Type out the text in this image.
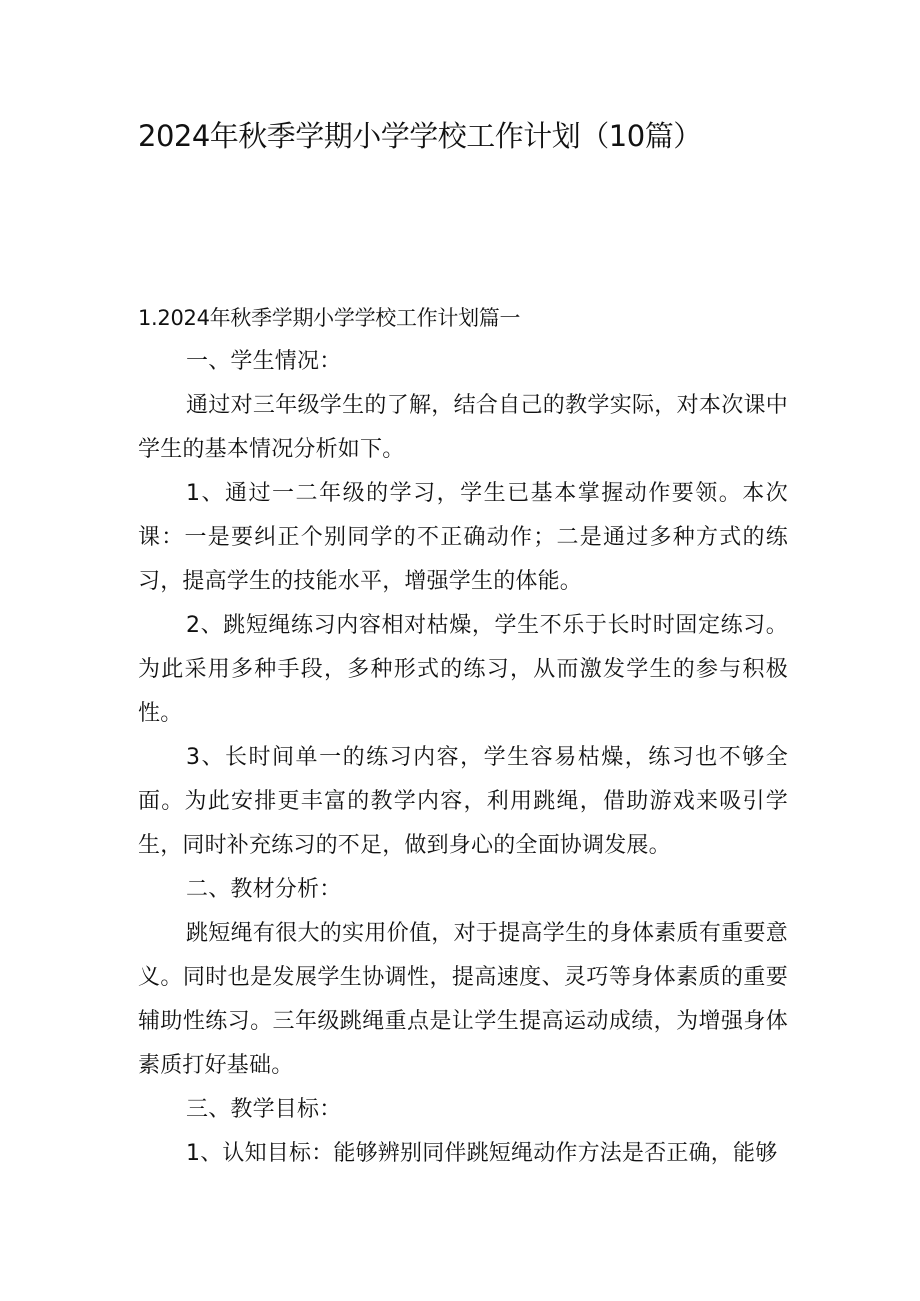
2024年秋季学期小学学校工作计划（10篇）
1.2024年秋季学期小学学校工作计划篇一

一、学生情况：

通过对三年级学生的了解，结合自己的教学实际，对本次课中学生的基本情况分析如下。

1、通过一二年级的学习，学生已基本掌握动作要领。本次课：一是要纠正个别同学的不正确动作；二是通过多种方式的练习，提高学生的技能水平，增强学生的体能。

2、跳短绳练习内容相对枯燥，学生不乐于长时时固定练习。为此采用多种手段，多种形式的练习，从而激发学生的参与积极性。

3、长时间单一的练习内容，学生容易枯燥，练习也不够全面。为此安排更丰富的教学内容，利用跳绳，借助游戏来吸引学生，同时补充练习的不足，做到身心的全面协调发展。

二、教材分析：

跳短绳有很大的实用价值，对于提高学生的身体素质有重要意义。同时也是发展学生协调性，提高速度、灵巧等身体素质的重要辅助性练习。三年级跳绳重点是让学生提高运动成绩，为增强身体素质打好基础。

三、教学目标：

1、认知目标：能够辨别同伴跳短绳动作方法是否正确，能够
